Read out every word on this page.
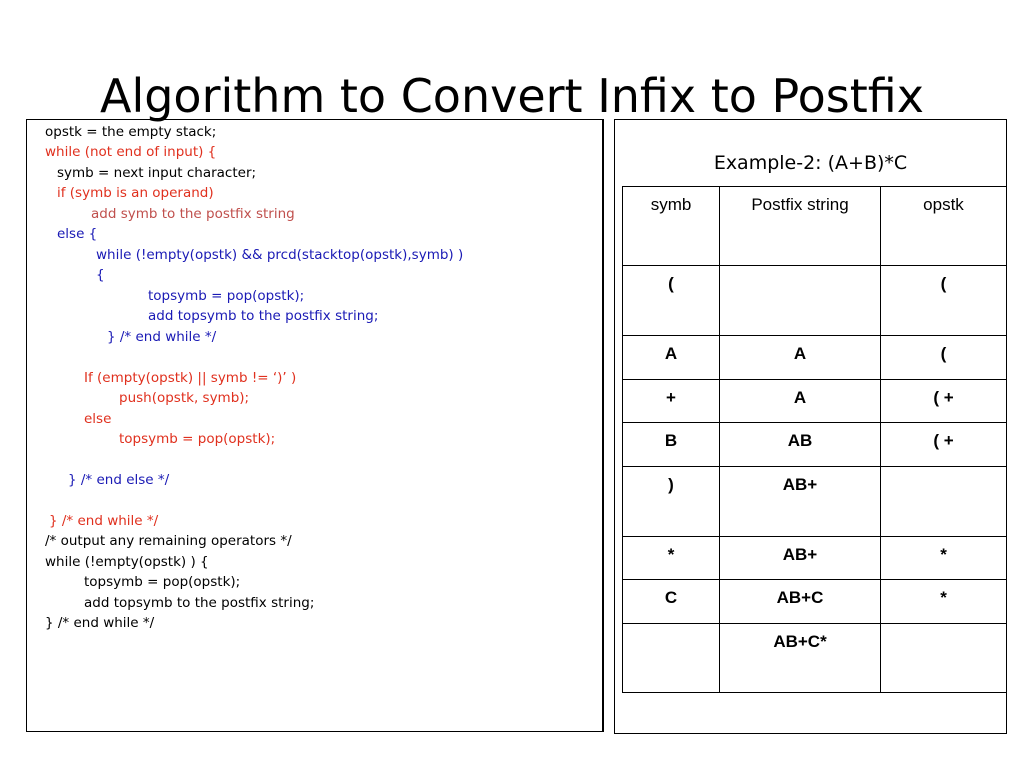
Algorithm to Convert Infix to Postfix
opstk = the empty stack;
while (not end of input) {
symb = next input character;
if (symb is an operand)
add symb to the postfix string
else {
while (!empty(opstk) && prcd(stacktop(opstk),symb) )
{
topsymb = pop(opstk);
add topsymb to the postfix string;
} /* end while */
If (empty(opstk) || symb != ‘)’ )
push(opstk, symb);
else
topsymb = pop(opstk);
} /* end else */
} /* end while */
/* output any remaining operators */
while (!empty(opstk) ) {
topsymb = pop(opstk);
add topsymb to the postfix string;
} /* end while */
Example-2: (A+B)*C
symb	Postfix string	opstk
(		(
A	A	(
+	A	( +
B	AB	( +
)	AB+	
*	AB+	*
C	AB+C	*
	AB+C*	
